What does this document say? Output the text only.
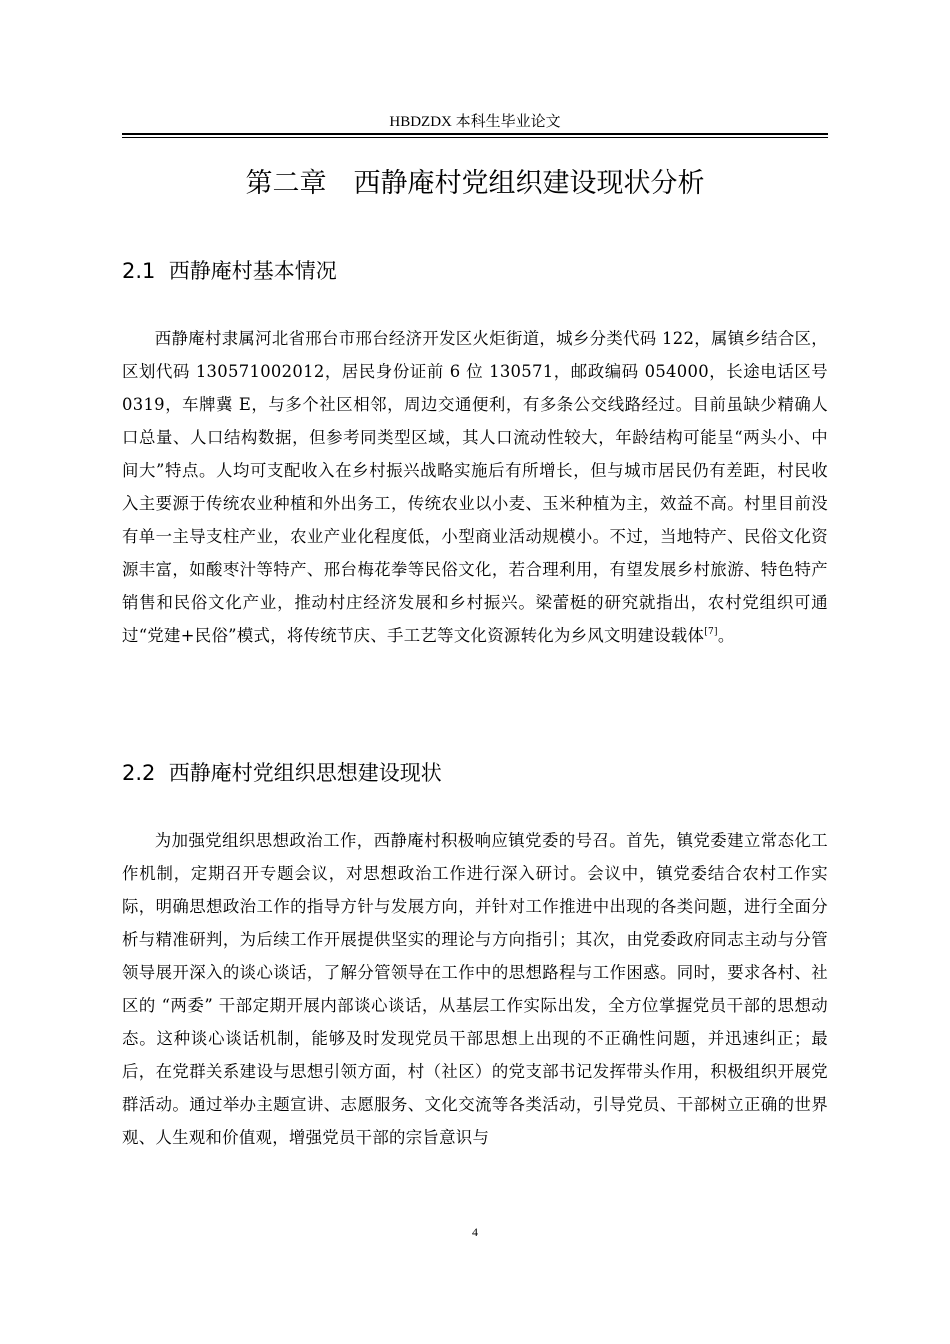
HBDZDX 本科生毕业论文
第二章　西静庵村党组织建设现状分析
2.1  西静庵村基本情况

西静庵村隶属河北省邢台市邢台经济开发区火炬街道，城乡分类代码 122，属镇乡结合区，区划代码 130571002012，居民身份证前 6 位 130571，邮政编码 054000，长途电话区号 0319，车牌冀 E，与多个社区相邻，周边交通便利，有多条公交线路经过。目前虽缺少精确人口总量、人口结构数据，但参考同类型区域，其人口流动性较大，年龄结构可能呈“两头小、中间大”特点。人均可支配收入在乡村振兴战略实施后有所增长，但与城市居民仍有差距，村民收入主要源于传统农业种植和外出务工，传统农业以小麦、玉米种植为主，效益不高。村里目前没有单一主导支柱产业，农业产业化程度低，小型商业活动规模小。不过，当地特产、民俗文化资源丰富，如酸枣汁等特产、邢台梅花拳等民俗文化，若合理利用，有望发展乡村旅游、特色特产销售和民俗文化产业，推动村庄经济发展和乡村振兴。梁蕾梃的研究就指出，农村党组织可通过“党建+民俗”模式，将传统节庆、手工艺等文化资源转化为乡风文明建设载体[7]。

2.2  西静庵村党组织思想建设现状

为加强党组织思想政治工作，西静庵村积极响应镇党委的号召。首先，镇党委建立常态化工作机制，定期召开专题会议，对思想政治工作进行深入研讨。会议中，镇党委结合农村工作实际，明确思想政治工作的指导方针与发展方向，并针对工作推进中出现的各类问题，进行全面分析与精准研判，为后续工作开展提供坚实的理论与方向指引；其次，由党委政府同志主动与分管领导展开深入的谈心谈话，了解分管领导在工作中的思想路程与工作困惑。同时，要求各村、社区的 “两委” 干部定期开展内部谈心谈话，从基层工作实际出发，全方位掌握党员干部的思想动态。这种谈心谈话机制，能够及时发现党员干部思想上出现的不正确性问题，并迅速纠正；最后，在党群关系建设与思想引领方面，村（社区）的党支部书记发挥带头作用，积极组织开展党群活动。通过举办主题宣讲、志愿服务、文化交流等各类活动，引导党员、干部树立正确的世界观、人生观和价值观，增强党员干部的宗旨意识与

4
